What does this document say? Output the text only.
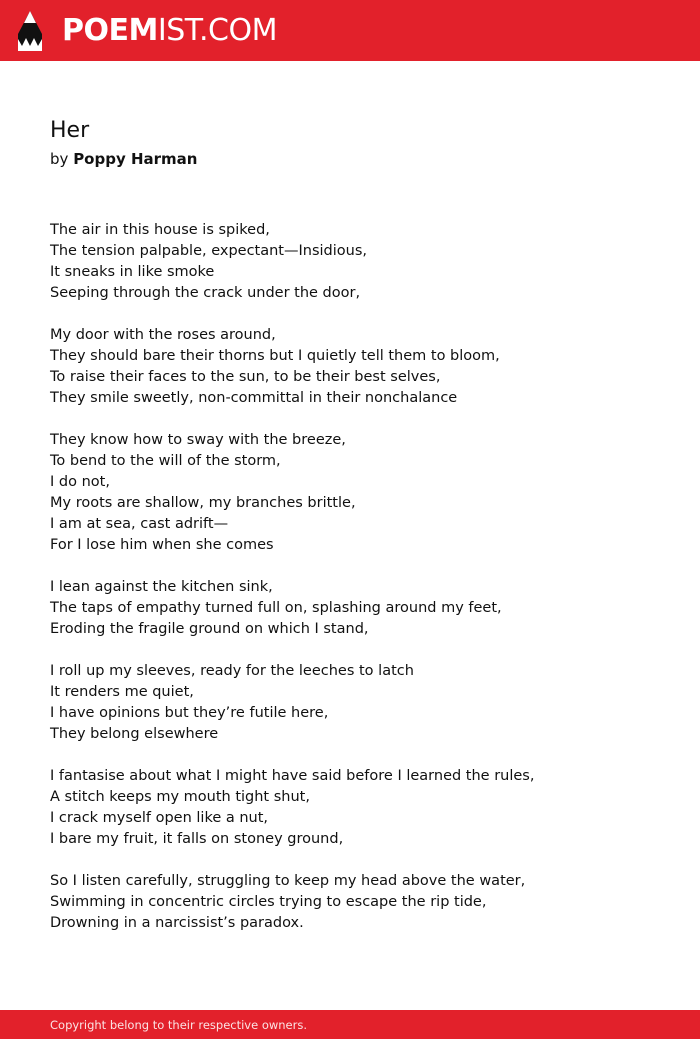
POEMIST.COM
Her

by Poppy Harman

The air in this house is spiked,
The tension palpable, expectant—Insidious,
It sneaks in like smoke
Seeping through the crack under the door,
My door with the roses around,
They should bare their thorns but I quietly tell them to bloom,
To raise their faces to the sun, to be their best selves,
They smile sweetly, non-committal in their nonchalance
They know how to sway with the breeze,
To bend to the will of the storm,
I do not,
My roots are shallow, my branches brittle,
I am at sea, cast adrift—
For I lose him when she comes
I lean against the kitchen sink,
The taps of empathy turned full on, splashing around my feet,
Eroding the fragile ground on which I stand,
I roll up my sleeves, ready for the leeches to latch
It renders me quiet,
I have opinions but they’re futile here,
They belong elsewhere
I fantasise about what I might have said before I learned the rules,
A stitch keeps my mouth tight shut,
I crack myself open like a nut,
I bare my fruit, it falls on stoney ground,
So I listen carefully, struggling to keep my head above the water,
Swimming in concentric circles trying to escape the rip tide,
Drowning in a narcissist’s paradox.
Copyright belong to their respective owners.
